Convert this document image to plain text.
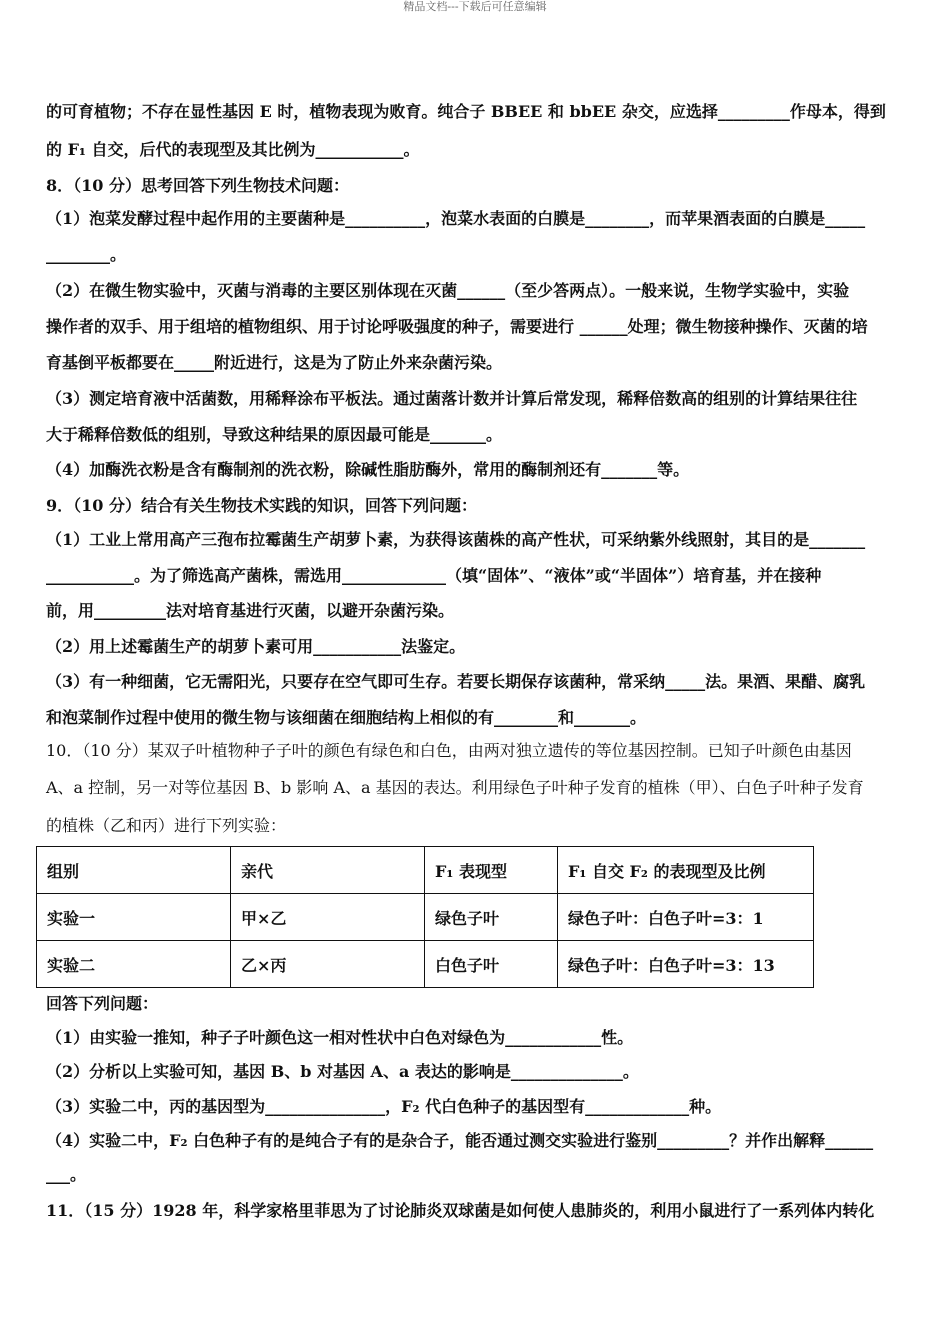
精品文档---下载后可任意编辑
的可育植物；不存在显性基因 E 时，植物表现为败育。纯合子 BBEE 和 bbEE 杂交，应选择_________作母本，得到
的 F₁ 自交，后代的表现型及其比例为___________。
8．（10 分）思考回答下列生物技术问题：
（1）泡菜发酵过程中起作用的主要菌种是__________，泡菜水表面的白膜是________，而苹果酒表面的白膜是_____
________。
（2）在微生物实验中，灭菌与消毒的主要区别体现在灭菌______（至少答两点）。一般来说，生物学实验中，实验
操作者的双手、用于组培的植物组织、用于讨论呼吸强度的种子，需要进行 ______处理；微生物接种操作、灭菌的培
育基倒平板都要在_____附近进行，这是为了防止外来杂菌污染。
（3）测定培育液中活菌数，用稀释涂布平板法。通过菌落计数并计算后常发现，稀释倍数高的组别的计算结果往往
大于稀释倍数低的组别，导致这种结果的原因最可能是_______。
（4）加酶洗衣粉是含有酶制剂的洗衣粉，除碱性脂肪酶外，常用的酶制剂还有_______等。
9．（10 分）结合有关生物技术实践的知识，回答下列问题：
（1）工业上常用高产三孢布拉霉菌生产胡萝卜素，为获得该菌株的高产性状，可采纳紫外线照射，其目的是_______
___________。为了筛选高产菌株，需选用_____________（填“固体”、“液体”或“半固体”）培育基，并在接种
前，用_________法对培育基进行灭菌，以避开杂菌污染。
（2）用上述霉菌生产的胡萝卜素可用___________法鉴定。
（3）有一种细菌，它无需阳光，只要存在空气即可生存。若要长期保存该菌种，常采纳_____法。果酒、果醋、腐乳
和泡菜制作过程中使用的微生物与该细菌在细胞结构上相似的有________和_______。
10．（10 分）某双子叶植物种子子叶的颜色有绿色和白色，由两对独立遗传的等位基因控制。已知子叶颜色由基因
A、a 控制，另一对等位基因 B、b 影响 A、a 基因的表达。利用绿色子叶种子发育的植株（甲）、白色子叶种子发育
的植株（乙和丙）进行下列实验：
回答下列问题：
（1）由实验一推知，种子子叶颜色这一相对性状中白色对绿色为____________性。
（2）分析以上实验可知，基因 B、b 对基因 A、a 表达的影响是______________。
（3）实验二中，丙的基因型为_______________，F₂ 代白色种子的基因型有_____________种。
（4）实验二中，F₂ 白色种子有的是纯合子有的是杂合子，能否通过测交实验进行鉴别_________？并作出解释______
___。
11．（15 分）1928 年，科学家格里菲思为了讨论肺炎双球菌是如何使人患肺炎的，利用小鼠进行了一系列体内转化
组别	亲代	F₁ 表现型	F₁ 自交 F₂ 的表现型及比例
实验一	甲×乙	绿色子叶	绿色子叶：白色子叶=3：1
实验二	乙×丙	白色子叶	绿色子叶：白色子叶=3：13
